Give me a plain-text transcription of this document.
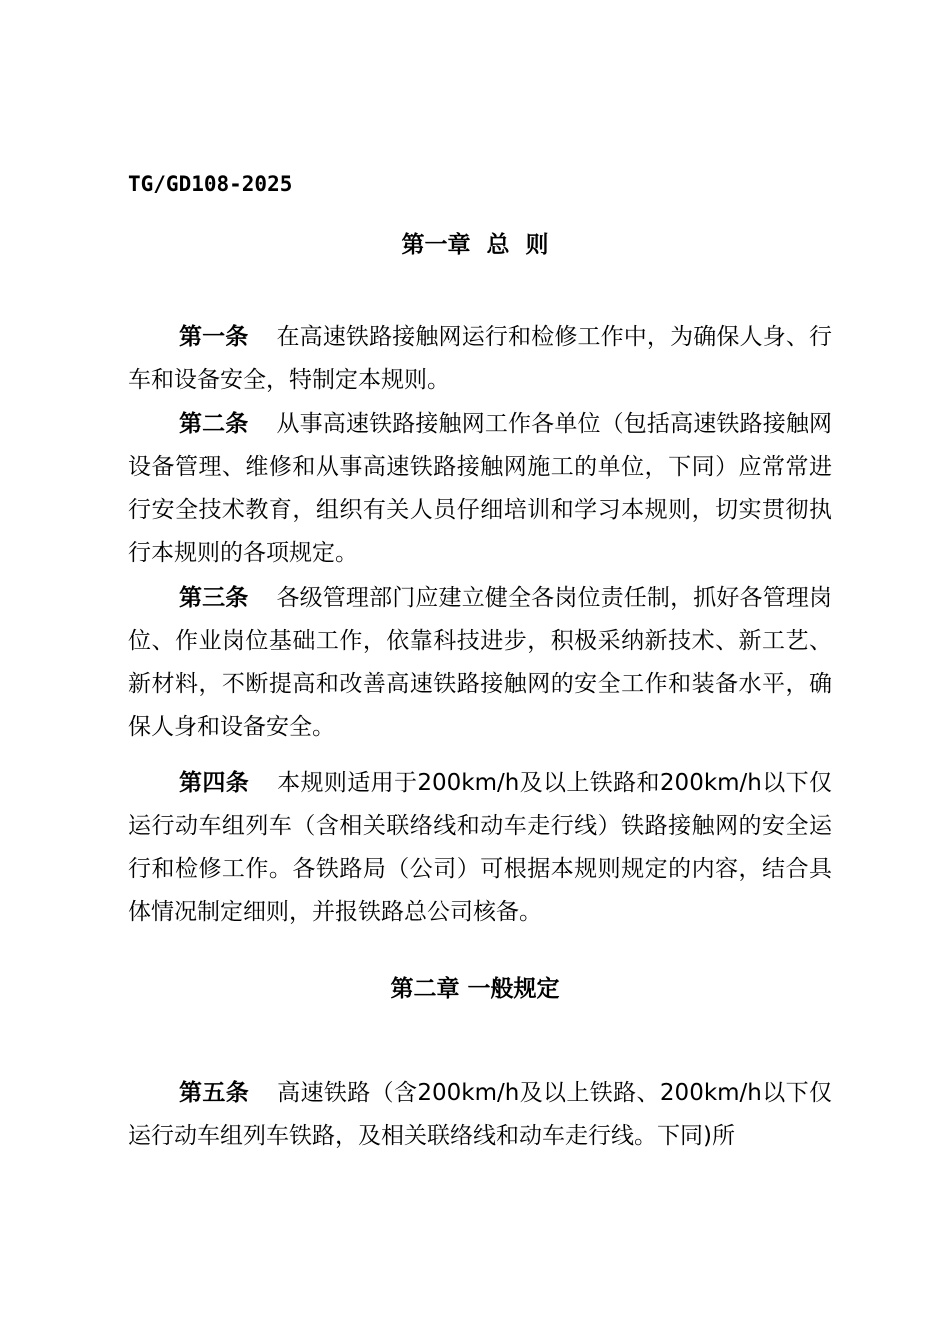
TG/GD108-2025
第一章  总  则
第一条 在高速铁路接触网运行和检修工作中，为确保人身、行车和设备安全，特制定本规则。
第二条 从事高速铁路接触网工作各单位（包括高速铁路接触网设备管理、维修和从事高速铁路接触网施工的单位，下同）应常常进行安全技术教育，组织有关人员仔细培训和学习本规则，切实贯彻执行本规则的各项规定。
第三条 各级管理部门应建立健全各岗位责任制，抓好各管理岗位、作业岗位基础工作，依靠科技进步，积极采纳新技术、新工艺、新材料，不断提高和改善高速铁路接触网的安全工作和装备水平，确保人身和设备安全。
第四条 本规则适用于200km/h及以上铁路和200km/h以下仅运行动车组列车（含相关联络线和动车走行线）铁路接触网的安全运行和检修工作。各铁路局（公司）可根据本规则规定的内容，结合具体情况制定细则，并报铁路总公司核备。
第二章 一般规定
第五条 高速铁路（含200km/h及以上铁路、200km/h以下仅运行动车组列车铁路，及相关联络线和动车走行线。下同)所
